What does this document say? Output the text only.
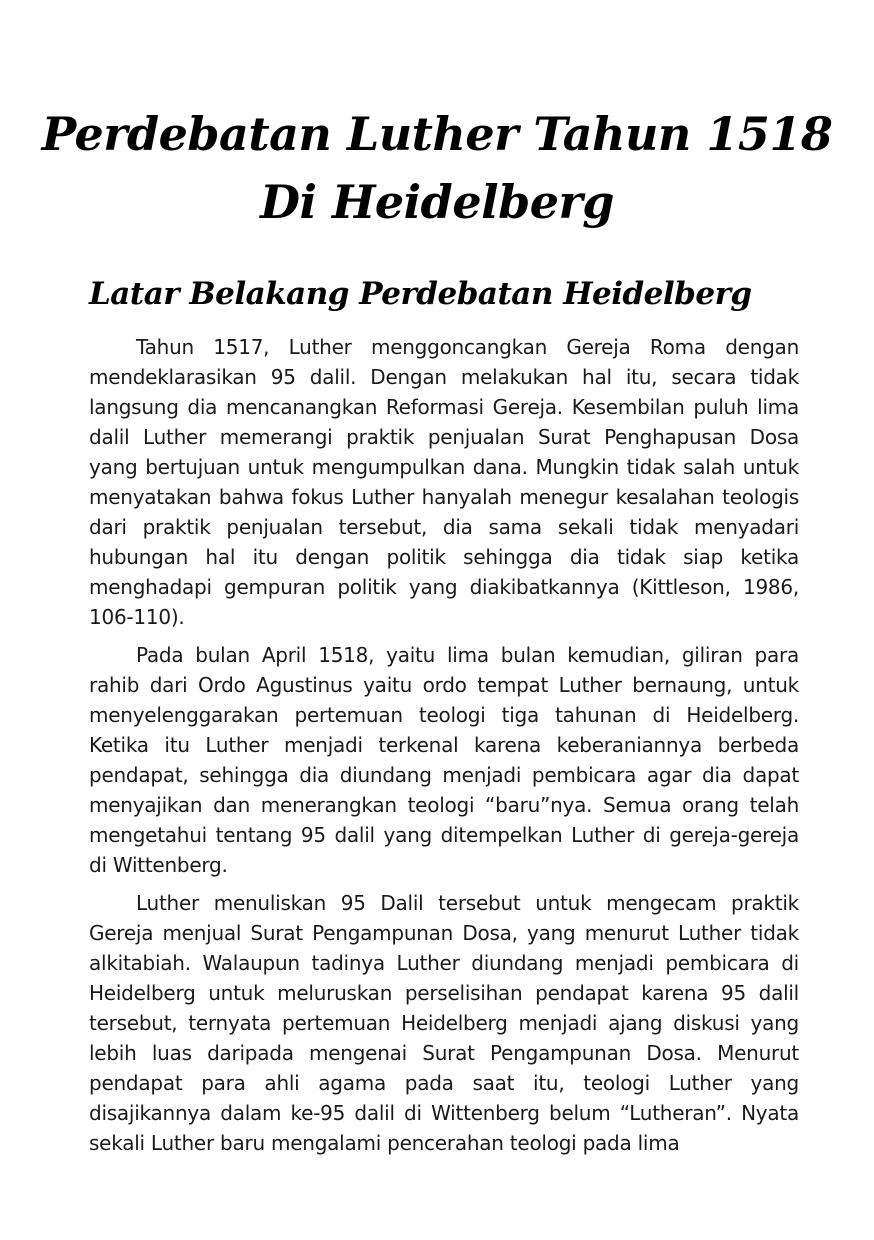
Perdebatan Luther Tahun 1518
Di Heidelberg
Latar Belakang Perdebatan Heidelberg

Tahun 1517, Luther menggoncangkan Gereja Roma dengan mendeklarasikan 95 dalil. Dengan melakukan hal itu, secara tidak langsung dia mencanangkan Reformasi Gereja. Kesembilan puluh lima dalil Luther memerangi praktik penjualan Surat Penghapusan Dosa yang bertujuan untuk mengumpulkan dana. Mungkin tidak salah untuk menyatakan bahwa fokus Luther hanyalah menegur kesalahan teologis dari praktik penjualan tersebut, dia sama sekali tidak menyadari hubungan hal itu dengan politik sehingga dia tidak siap ketika menghadapi gempuran politik yang diakibatkannya (Kittleson, 1986, 106-110).

Pada bulan April 1518, yaitu lima bulan kemudian, giliran para rahib dari Ordo Agustinus yaitu ordo tempat Luther bernaung, untuk menyelenggarakan pertemuan teologi tiga tahunan di Heidelberg. Ketika itu Luther menjadi terkenal karena keberaniannya berbeda pendapat, sehingga dia diundang menjadi pembicara agar dia dapat menyajikan dan menerangkan teologi “baru”nya. Semua orang telah mengetahui tentang 95 dalil yang ditempelkan Luther di gereja-gereja di Wittenberg.

Luther menuliskan 95 Dalil tersebut untuk mengecam praktik Gereja menjual Surat Pengampunan Dosa, yang menurut Luther tidak alkitabiah. Walaupun tadinya Luther diundang menjadi pembicara di Heidelberg untuk meluruskan perselisihan pendapat karena 95 dalil tersebut, ternyata pertemuan Heidelberg menjadi ajang diskusi yang lebih luas daripada mengenai Surat Pengampunan Dosa. Menurut pendapat para ahli agama pada saat itu, teologi Luther yang disajikannya dalam ke-95 dalil di Wittenberg belum “Lutheran”. Nyata sekali Luther baru mengalami pencerahan teologi pada lima
